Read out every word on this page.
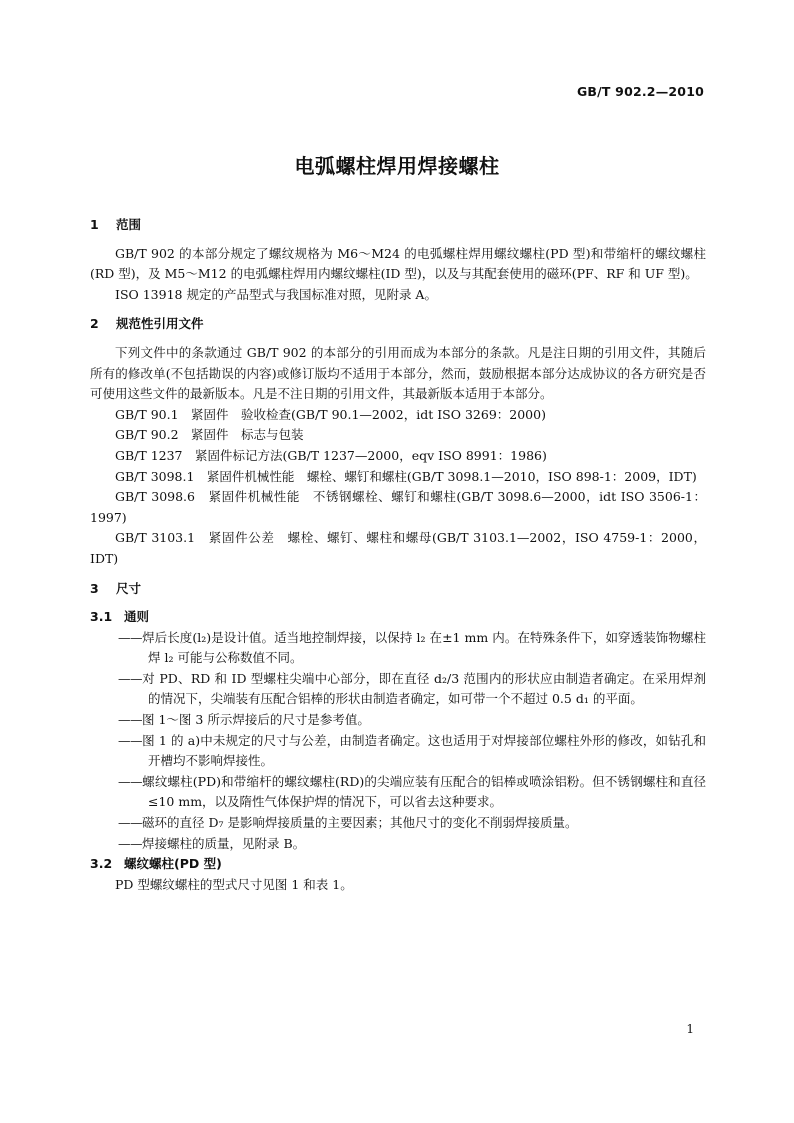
GB/T 902.2—2010
电弧螺柱焊用焊接螺柱
1 范围

GB/T 902 的本部分规定了螺纹规格为 M6～M24 的电弧螺柱焊用螺纹螺柱(PD 型)和带缩杆的螺纹螺柱(RD 型)，及 M5～M12 的电弧螺柱焊用内螺纹螺柱(ID 型)，以及与其配套使用的磁环(PF、RF 和 UF 型)。

ISO 13918 规定的产品型式与我国标准对照，见附录 A。

2 规范性引用文件

下列文件中的条款通过 GB/T 902 的本部分的引用而成为本部分的条款。凡是注日期的引用文件，其随后所有的修改单(不包括勘误的内容)或修订版均不适用于本部分，然而，鼓励根据本部分达成协议的各方研究是否可使用这些文件的最新版本。凡是不注日期的引用文件，其最新版本适用于本部分。

GB/T 90.1　紧固件　验收检查(GB/T 90.1—2002，idt ISO 3269：2000)

GB/T 90.2　紧固件　标志与包装

GB/T 1237　紧固件标记方法(GB/T 1237—2000，eqv ISO 8991：1986)

GB/T 3098.1　紧固件机械性能　螺栓、螺钉和螺柱(GB/T 3098.1—2010，ISO 898-1：2009，IDT)

GB/T 3098.6　紧固件机械性能　不锈钢螺栓、螺钉和螺柱(GB/T 3098.6—2000，idt ISO 3506-1：1997)

GB/T 3103.1　紧固件公差　螺栓、螺钉、螺柱和螺母(GB/T 3103.1—2002，ISO 4759-1：2000，IDT)

3 尺寸
3.1 通则

——焊后长度(l₂)是设计值。适当地控制焊接，以保持 l₂ 在±1 mm 内。在特殊条件下，如穿透装饰物螺柱焊 l₂ 可能与公称数值不同。

——对 PD、RD 和 ID 型螺柱尖端中心部分，即在直径 d₂/3 范围内的形状应由制造者确定。在采用焊剂的情况下，尖端装有压配合铝棒的形状由制造者确定，如可带一个不超过 0.5 d₁ 的平面。

——图 1～图 3 所示焊接后的尺寸是参考值。

——图 1 的 a)中未规定的尺寸与公差，由制造者确定。这也适用于对焊接部位螺柱外形的修改，如钻孔和开槽均不影响焊接性。

——螺纹螺柱(PD)和带缩杆的螺纹螺柱(RD)的尖端应装有压配合的铝棒或喷涂铝粉。但不锈钢螺柱和直径≤10 mm，以及隋性气体保护焊的情况下，可以省去这种要求。

——磁环的直径 D₇ 是影响焊接质量的主要因素；其他尺寸的变化不削弱焊接质量。

——焊接螺柱的质量，见附录 B。

3.2 螺纹螺柱(PD 型)

PD 型螺纹螺柱的型式尺寸见图 1 和表 1。

1
